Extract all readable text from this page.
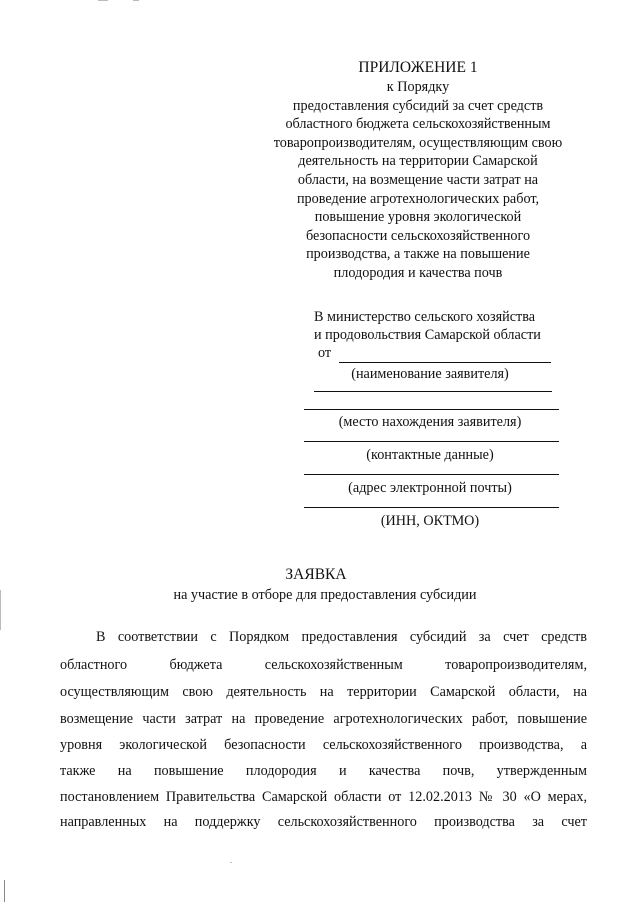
ПРИЛОЖЕНИЕ 1
к Порядку
предоставления субсидий за счет средств
областного бюджета сельскохозяйственным
товаропроизводителям, осуществляющим свою
деятельность на территории Самарской
области, на возмещение части затрат на
проведение агротехнологических работ,
повышение уровня экологической
безопасности сельскохозяйственного
производства, а также на повышение
плодородия и качества почв
В министерство сельского хозяйства
и продовольствия Самарской области
от
(наименование заявителя)
(место нахождения заявителя)
(контактные данные)
(адрес электронной почты)
(ИНН, ОКТМО)
ЗАЯВКА
на участие в отборе для предоставления субсидии
В соответствии с Порядком предоставления субсидий за счет средств
областного бюджета сельскохозяйственным товаропроизводителям,
осуществляющим свою деятельность на территории Самарской области, на
возмещение части затрат на проведение агротехнологических работ, повышение
уровня экологической безопасности сельскохозяйственного производства, а
также на повышение плодородия и качества почв, утвержденным
постановлением Правительства Самарской области от 12.02.2013 № 30 «О мерах,
направленных на поддержку сельскохозяйственного производства за счет
